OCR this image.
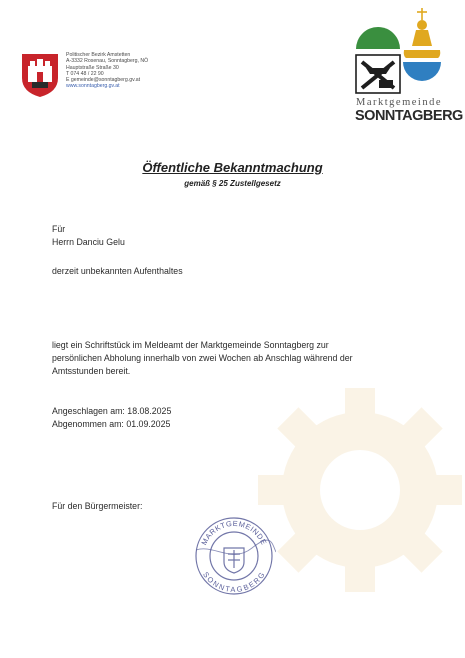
Politischer Bezirk Amstetten
A-3332 Rosenau, Sonntagberg, NÖ
Hauptstraße Straße 30
T 074 48 / 22 90
E gemeinde@sonntagberg.gv.at
www.sonntagberg.gv.at
Marktgemeinde
SONNTAGBERG
Öffentliche Bekanntmachung
gemäß § 25 Zustellgesetz
Für
Herrn Danciu Gelu
derzeit unbekannten Aufenthaltes
liegt ein Schriftstück im Meldeamt der Marktgemeinde Sonntagberg zur
persönlichen Abholung innerhalb von zwei Wochen ab Anschlag während der
Amtsstunden bereit.
Angeschlagen am: 18.08.2025
Abgenommen am: 01.09.2025
Für den Bürgermeister:
MARKTGEMEINDE
SONNTAGBERG
